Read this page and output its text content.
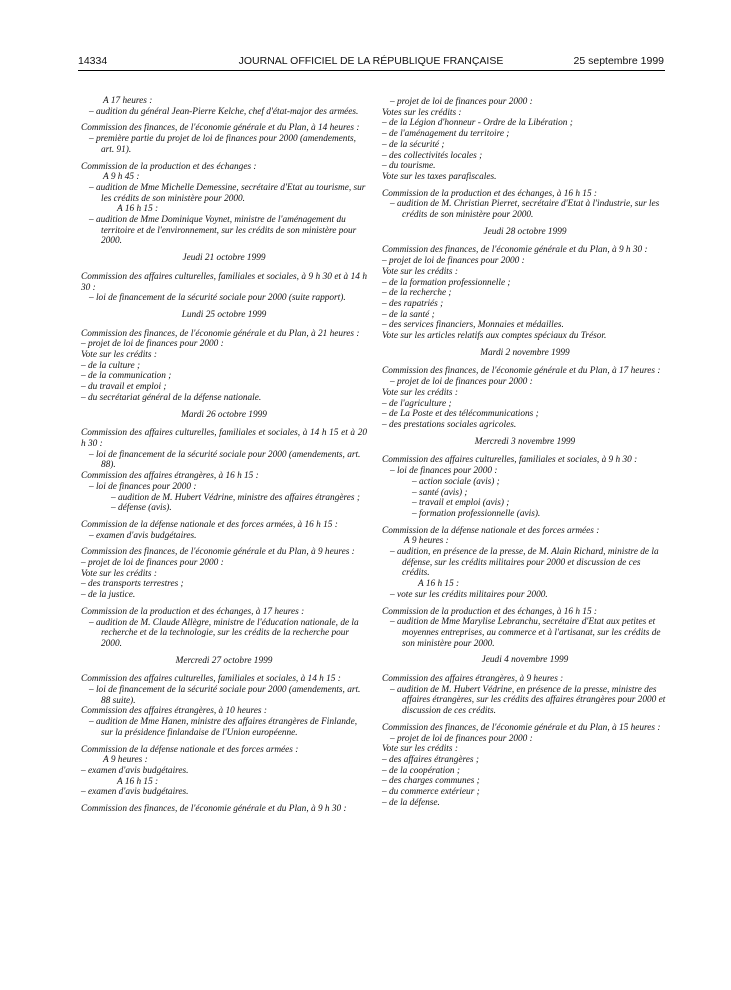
14334	JOURNAL OFFICIEL DE LA RÉPUBLIQUE FRANÇAISE	25 septembre 1999

A 17 heures :

– audition du général Jean-Pierre Kelche, chef d'état-major des armées.

Commission des finances, de l'économie générale et du Plan, à 14 heures :

– première partie du projet de loi de finances pour 2000 (amendements, art. 91).

Commission de la production et des échanges :

A 9 h 45 :

– audition de Mme Michelle Demessine, secrétaire d'Etat au tourisme, sur les crédits de son ministère pour 2000.

A 16 h 15 :

– audition de Mme Dominique Voynet, ministre de l'aménagement du territoire et de l'environnement, sur les crédits de son ministère pour 2000.

Jeudi 21 octobre 1999

Commission des affaires culturelles, familiales et sociales, à 9 h 30 et à 14 h 30 :

– loi de financement de la sécurité sociale pour 2000 (suite rapport).

Lundi 25 octobre 1999

Commission des finances, de l'économie générale et du Plan, à 21 heures :

– projet de loi de finances pour 2000 :

Vote sur les crédits :

– de la culture ;

– de la communication ;

– du travail et emploi ;

– du secrétariat général de la défense nationale.

Mardi 26 octobre 1999

Commission des affaires culturelles, familiales et sociales, à 14 h 15 et à 20 h 30 :

– loi de financement de la sécurité sociale pour 2000 (amendements, art. 88).

Commission des affaires étrangères, à 16 h 15 :

– loi de finances pour 2000 :

– audition de M. Hubert Védrine, ministre des affaires étrangères ;

– défense (avis).

Commission de la défense nationale et des forces armées, à 16 h 15 :

– examen d'avis budgétaires.

Commission des finances, de l'économie générale et du Plan, à 9 heures :

– projet de loi de finances pour 2000 :

Vote sur les crédits :

– des transports terrestres ;

– de la justice.

Commission de la production et des échanges, à 17 heures :

– audition de M. Claude Allègre, ministre de l'éducation nationale, de la recherche et de la technologie, sur les crédits de la recherche pour 2000.

Mercredi 27 octobre 1999

Commission des affaires culturelles, familiales et sociales, à 14 h 15 :

– loi de financement de la sécurité sociale pour 2000 (amendements, art. 88 suite).

Commission des affaires étrangères, à 10 heures :

– audition de Mme Hanen, ministre des affaires étrangères de Finlande, sur la présidence finlandaise de l'Union européenne.

Commission de la défense nationale et des forces armées :

A 9 heures :

– examen d'avis budgétaires.

A 16 h 15 :

– examen d'avis budgétaires.

Commission des finances, de l'économie générale et du Plan, à 9 h 30 :

– projet de loi de finances pour 2000 :

Votes sur les crédits :

– de la Légion d'honneur - Ordre de la Libération ;

– de l'aménagement du territoire ;

– de la sécurité ;

– des collectivités locales ;

– du tourisme.

Vote sur les taxes parafiscales.

Commission de la production et des échanges, à 16 h 15 :

– audition de M. Christian Pierret, secrétaire d'Etat à l'industrie, sur les crédits de son ministère pour 2000.

Jeudi 28 octobre 1999

Commission des finances, de l'économie générale et du Plan, à 9 h 30 :

– projet de loi de finances pour 2000 :

Vote sur les crédits :

– de la formation professionnelle ;

– de la recherche ;

– des rapatriés ;

– de la santé ;

– des services financiers, Monnaies et médailles.

Vote sur les articles relatifs aux comptes spéciaux du Trésor.

Mardi 2 novembre 1999

Commission des finances, de l'économie générale et du Plan, à 17 heures :

– projet de loi de finances pour 2000 :

Vote sur les crédits :

– de l'agriculture ;

– de La Poste et des télécommunications ;

– des prestations sociales agricoles.

Mercredi 3 novembre 1999

Commission des affaires culturelles, familiales et sociales, à 9 h 30 :

– loi de finances pour 2000 :

– action sociale (avis) ;

– santé (avis) ;

– travail et emploi (avis) ;

– formation professionnelle (avis).

Commission de la défense nationale et des forces armées :

A 9 heures :

– audition, en présence de la presse, de M. Alain Richard, ministre de la défense, sur les crédits militaires pour 2000 et discussion de ces crédits.

A 16 h 15 :

– vote sur les crédits militaires pour 2000.

Commission de la production et des échanges, à 16 h 15 :

– audition de Mme Marylise Lebranchu, secrétaire d'Etat aux petites et moyennes entreprises, au commerce et à l'artisanat, sur les crédits de son ministère pour 2000.

Jeudi 4 novembre 1999

Commission des affaires étrangères, à 9 heures :

– audition de M. Hubert Védrine, en présence de la presse, ministre des affaires étrangères, sur les crédits des affaires étrangères pour 2000 et discussion de ces crédits.

Commission des finances, de l'économie générale et du Plan, à 15 heures :

– projet de loi de finances pour 2000 :

Vote sur les crédits :

– des affaires étrangères ;

– de la coopération ;

– des charges communes ;

– du commerce extérieur ;

– de la défense.
